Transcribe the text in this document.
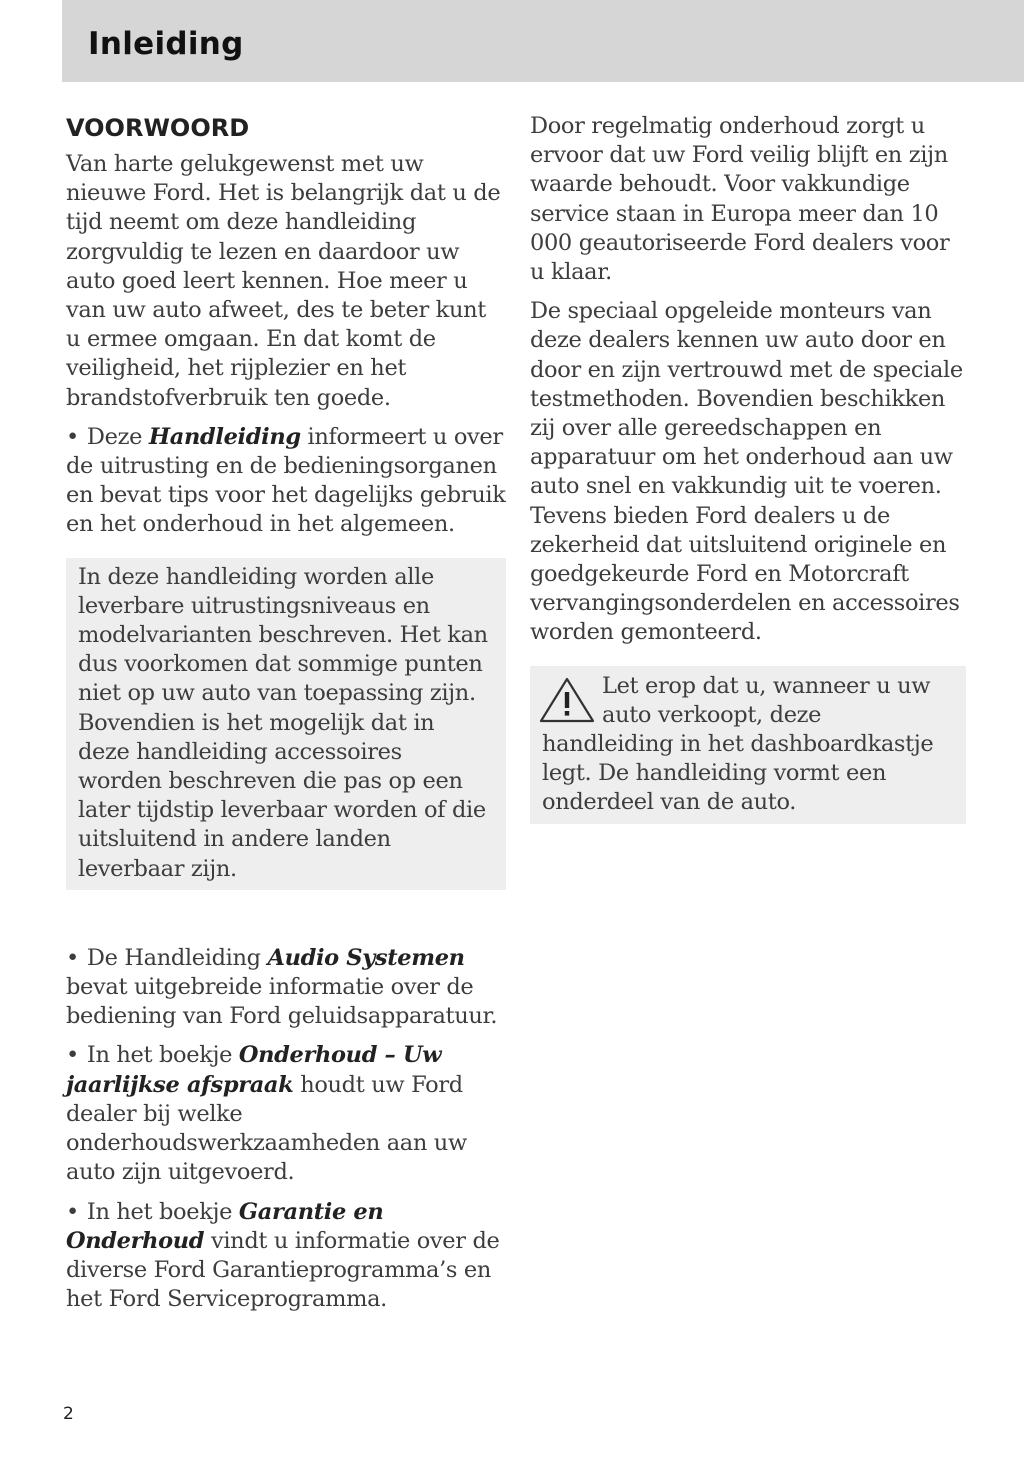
Inleiding
VOORWOORD

Van harte gelukgewenst met uw nieuwe Ford. Het is belangrijk dat u de tijd neemt om deze handleiding zorgvuldig te lezen en daardoor uw auto goed leert kennen. Hoe meer u van uw auto afweet, des te beter kunt u ermee omgaan. En dat komt de veiligheid, het rijplezier en het brandstofverbruik ten goede.

• Deze Handleiding informeert u over de uitrusting en de bedieningsorganen en bevat tips voor het dagelijks gebruik en het onderhoud in het algemeen.

In deze handleiding worden alle leverbare uitrustingsniveaus en modelvarianten beschreven. Het kan dus voorkomen dat sommige punten niet op uw auto van toepassing zijn. Bovendien is het mogelijk dat in deze handleiding accessoires worden beschreven die pas op een later tijdstip leverbaar worden of die uitsluitend in andere landen leverbaar zijn.

• De Handleiding Audio Systemen bevat uitgebreide informatie over de bediening van Ford geluidsapparatuur.

• In het boekje Onderhoud – Uw jaarlijkse afspraak houdt uw Ford dealer bij welke onderhoudswerkzaamheden aan uw auto zijn uitgevoerd.

• In het boekje Garantie en Onderhoud vindt u informatie over de diverse Ford Garantieprogramma’s en het Ford Serviceprogramma.

Door regelmatig onderhoud zorgt u ervoor dat uw Ford veilig blijft en zijn waarde behoudt. Voor vakkundige service staan in Europa meer dan 10 000 geautoriseerde Ford dealers voor u klaar.

De speciaal opgeleide monteurs van deze dealers kennen uw auto door en door en zijn vertrouwd met de speciale testmethoden. Bovendien beschikken zij over alle gereedschappen en apparatuur om het onderhoud aan uw auto snel en vakkundig uit te voeren. Tevens bieden Ford dealers u de zekerheid dat uitsluitend originele en goedgekeurde Ford en Motorcraft vervangingsonderdelen en accessoires worden gemonteerd.

Let erop dat u, wanneer u uw auto verkoopt, deze handleiding in het dashboardkastje legt. De handleiding vormt een onderdeel van de auto.

2
